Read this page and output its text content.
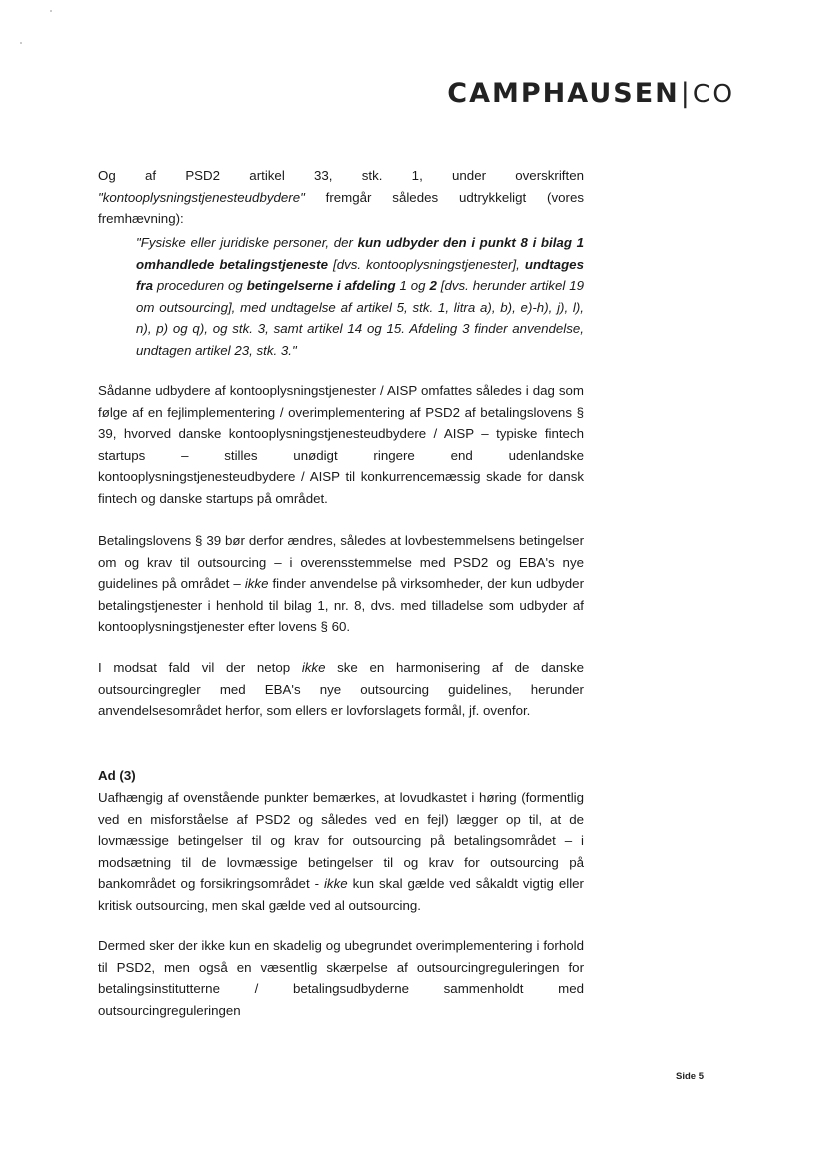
CAMPHAUSEN|CO

Og af PSD2 artikel 33, stk. 1, under overskriften "kontooplysningstjenesteudbydere" fremgår således udtrykkeligt (vores fremhævning):

"Fysiske eller juridiske personer, der kun udbyder den i punkt 8 i bilag 1 omhandlede betalingstjeneste [dvs. kontooplysningstjenester], undtages fra proceduren og betingelserne i afdeling 1 og 2 [dvs. herunder artikel 19 om outsourcing], med undtagelse af artikel 5, stk. 1, litra a), b), e)-h), j), l), n), p) og q), og stk. 3, samt artikel 14 og 15. Afdeling 3 finder anvendelse, undtagen artikel 23, stk. 3."

Sådanne udbydere af kontooplysningstjenester / AISP omfattes således i dag som følge af en fejlimplementering / overimplementering af PSD2 af betalingslovens § 39, hvorved danske kontooplysningstjenesteudbydere / AISP – typiske fintech startups – stilles unødigt ringere end udenlandske kontooplysningstjenesteudbydere / AISP til konkurrencemæssig skade for dansk fintech og danske startups på området.

Betalingslovens § 39 bør derfor ændres, således at lovbestemmelsens betingelser om og krav til outsourcing – i overensstemmelse med PSD2 og EBA's nye guidelines på området – ikke finder anvendelse på virksomheder, der kun udbyder betalingstjenester i henhold til bilag 1, nr. 8, dvs. med tilladelse som udbyder af kontooplysningstjenester efter lovens § 60.

I modsat fald vil der netop ikke ske en harmonisering af de danske outsourcingregler med EBA's nye outsourcing guidelines, herunder anvendelsesområdet herfor, som ellers er lovforslagets formål, jf. ovenfor.

Ad (3)

Uafhængig af ovenstående punkter bemærkes, at lovudkastet i høring (formentlig ved en misforståelse af PSD2 og således ved en fejl) lægger op til, at de lovmæssige betingelser til og krav for outsourcing på betalingsområdet – i modsætning til de lovmæssige betingelser til og krav for outsourcing på bankområdet og forsikringsområdet - ikke kun skal gælde ved såkaldt vigtig eller kritisk outsourcing, men skal gælde ved al outsourcing.

Dermed sker der ikke kun en skadelig og ubegrundet overimplementering i forhold til PSD2, men også en væsentlig skærpelse af outsourcingreguleringen for betalingsinstitutterne / betalingsudbyderne sammenholdt med outsourcingreguleringen

Side 5
